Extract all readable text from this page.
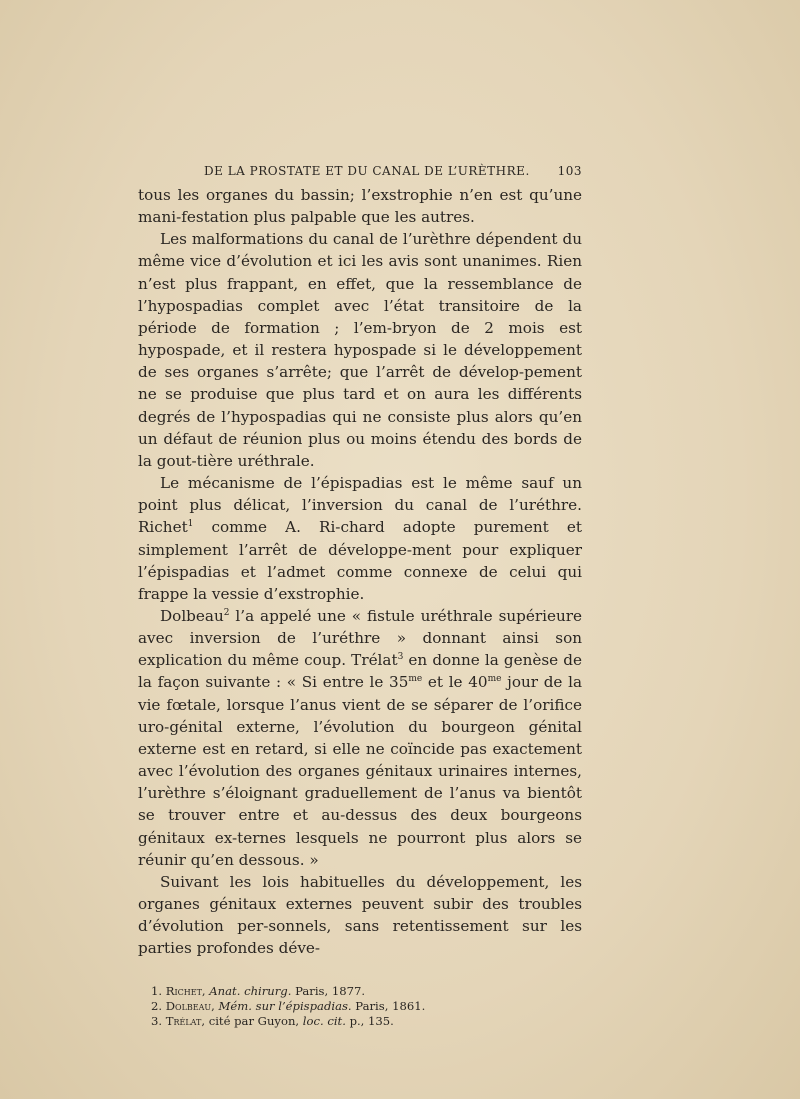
DE LA PROSTATE ET DU CANAL DE L’URÈTHRE. 103

tous les organes du bassin; l’exstrophie n’en est qu’une mani-festation plus palpable que les autres.

Les malformations du canal de l’urèthre dépendent du même vice d’évolution et ici les avis sont unanimes. Rien n’est plus frappant, en effet, que la ressemblance de l’hypospadias complet avec l’état transitoire de la période de formation ; l’em-bryon de 2 mois est hypospade, et il restera hypospade si le développement de ses organes s’arrête; que l’arrêt de dévelop-pement ne se produise que plus tard et on aura les différents degrés de l’hypospadias qui ne consiste plus alors qu’en un défaut de réunion plus ou moins étendu des bords de la gout-tière uréthrale.

Le mécanisme de l’épispadias est le même sauf un point plus délicat, l’inversion du canal de l’uréthre. Richet$^1$ comme A. Ri-chard adopte purement et simplement l’arrêt de développe-ment pour expliquer l’épispadias et l’admet comme connexe de celui qui frappe la vessie d’exstrophie.

Dolbeau$^2$ l’a appelé une « fistule uréthrale supérieure avec inversion de l’uréthre » donnant ainsi son explication du même coup. Trélat$^3$ en donne la genèse de la façon suivante : « Si entre le $35^{me}$ et le $40^{me}$ jour de la vie fœtale, lorsque l’anus vient de se séparer de l’orifice uro-génital externe, l’évolution du bourgeon génital externe est en retard, si elle ne coïncide pas exactement avec l’évolution des organes génitaux urinaires internes, l’urèthre s’éloignant graduellement de l’anus va bientôt se trouver entre et au-dessus des deux bourgeons génitaux ex-ternes lesquels ne pourront plus alors se réunir qu’en dessous. »

Suivant les lois habituelles du développement, les organes génitaux externes peuvent subir des troubles d’évolution per-sonnels, sans retentissement sur les parties profondes déve-

1. Richet, Anat. chirurg. Paris, 1877.
2. Dolbeau, Mém. sur l’épispadias. Paris, 1861.
3. Trélat, cité par Guyon, loc. cit. p., 135.
